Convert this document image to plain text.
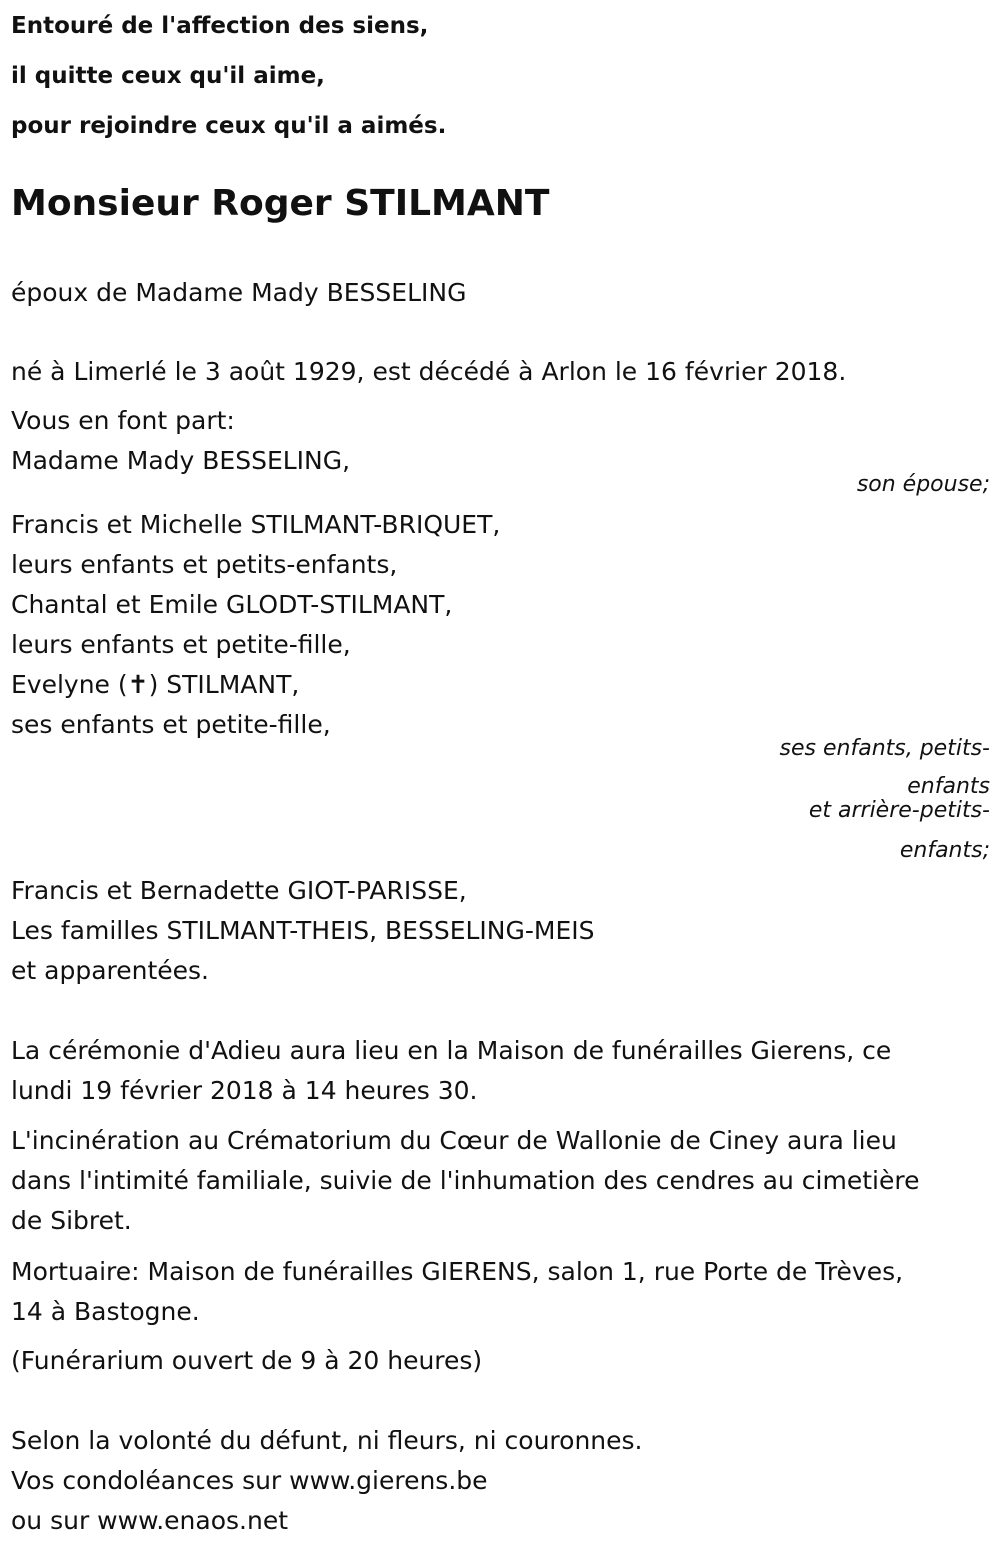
Entouré de l'affection des siens,
il quitte ceux qu'il aime,
pour rejoindre ceux qu'il a aimés.
Monsieur Roger STILMANT
époux de Madame Mady BESSELING
né à Limerlé le 3 août 1929, est décédé à Arlon le 16 février 2018.
Vous en font part:
Madame Mady BESSELING,
son épouse;
Francis et Michelle STILMANT-BRIQUET,
leurs enfants et petits-enfants,
Chantal et Emile GLODT-STILMANT,
leurs enfants et petite-fille,
Evelyne (✝) STILMANT,
ses enfants et petite-fille,
ses enfants, petits-
enfants
et arrière-petits-
enfants;
Francis et Bernadette GIOT-PARISSE,
Les familles STILMANT-THEIS, BESSELING-MEIS
et apparentées.
La cérémonie d'Adieu aura lieu en la Maison de funérailles Gierens, ce
lundi 19 février 2018 à 14 heures 30.
L'incinération au Crématorium du Cœur de Wallonie de Ciney aura lieu
dans l'intimité familiale, suivie de l'inhumation des cendres au cimetière
de Sibret.
Mortuaire: Maison de funérailles GIERENS, salon 1, rue Porte de Trèves,
14 à Bastogne.
(Funérarium ouvert de 9 à 20 heures)
Selon la volonté du défunt, ni fleurs, ni couronnes.
Vos condoléances sur www.gierens.be
ou sur www.enaos.net
